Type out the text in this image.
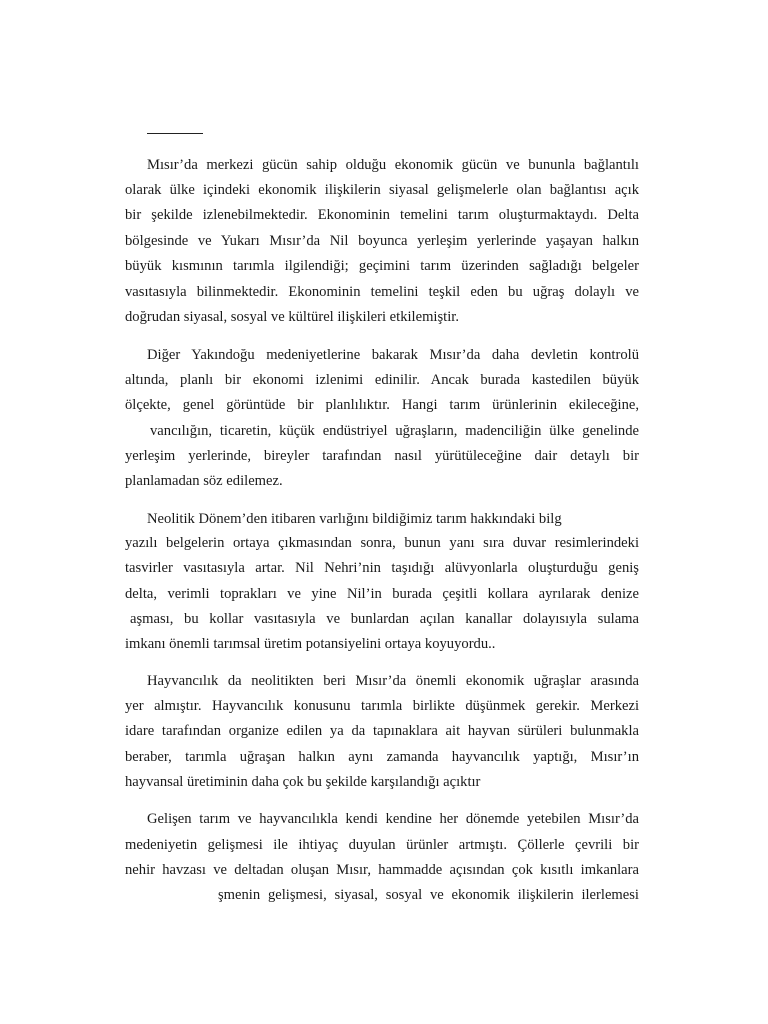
Mısır’da merkezi gücün sahip olduğu ekonomik gücün ve bununla bağlantılı
olarak ülke içindeki ekonomik ilişkilerin siyasal gelişmelerle olan bağlantısı açık
bir şekilde izlenebilmektedir. Ekonominin temelini tarım oluşturmaktaydı. Delta
bölgesinde ve Yukarı Mısır’da Nil boyunca yerleşim yerlerinde yaşayan halkın
büyük kısmının tarımla ilgilendiği; geçimini tarım üzerinden sağladığı belgeler
vasıtasıyla bilinmektedir. Ekonominin temelini teşkil eden bu uğraş dolaylı ve
doğrudan siyasal, sosyal ve kültürel ilişkileri etkilemiştir.
Diğer Yakındoğu medeniyetlerine bakarak Mısır’da daha devletin kontrolü
altında, planlı bir ekonomi izlenimi edinilir. Ancak burada kastedilen büyük
ölçekte, genel görüntüde bir planlılıktır. Hangi tarım ürünlerinin ekileceğine,
vancılığın, ticaretin, küçük endüstriyel uğraşların, madenciliğin ülke genelinde
yerleşim yerlerinde, bireyler tarafından nasıl yürütüleceğine dair detaylı bir
planlamadan söz edilemez.
Neolitik Dönem’den itibaren varlığını bildiğimiz tarım hakkındaki bilg
yazılı belgelerin ortaya çıkmasından sonra, bunun yanı sıra duvar resimlerindeki
tasvirler vasıtasıyla artar. Nil Nehri’nin taşıdığı alüvyonlarla oluşturduğu geniş
delta, verimli toprakları ve yine Nil’in burada çeşitli kollara ayrılarak denize
aşması, bu kollar vasıtasıyla ve bunlardan açılan kanallar dolayısıyla sulama
imkanı önemli tarımsal üretim potansiyelini ortaya koyuyordu..
Hayvancılık da neolitikten beri Mısır’da önemli ekonomik uğraşlar arasında
yer almıştır. Hayvancılık konusunu tarımla birlikte düşünmek gerekir. Merkezi
idare tarafından organize edilen ya da tapınaklara ait hayvan sürüleri bulunmakla
beraber, tarımla uğraşan halkın aynı zamanda hayvancılık yaptığı, Mısır’ın
hayvansal üretiminin daha çok bu şekilde karşılandığı açıktır
Gelişen tarım ve hayvancılıkla kendi kendine her dönemde yetebilen Mısır’da
medeniyetin gelişmesi ile ihtiyaç duyulan ürünler artmıştı. Çöllerle çevrili bir
nehir havzası ve deltadan oluşan Mısır, hammadde açısından çok kısıtlı imkanlara
şmenin gelişmesi, siyasal, sosyal ve ekonomik ilişkilerin ilerlemesi
